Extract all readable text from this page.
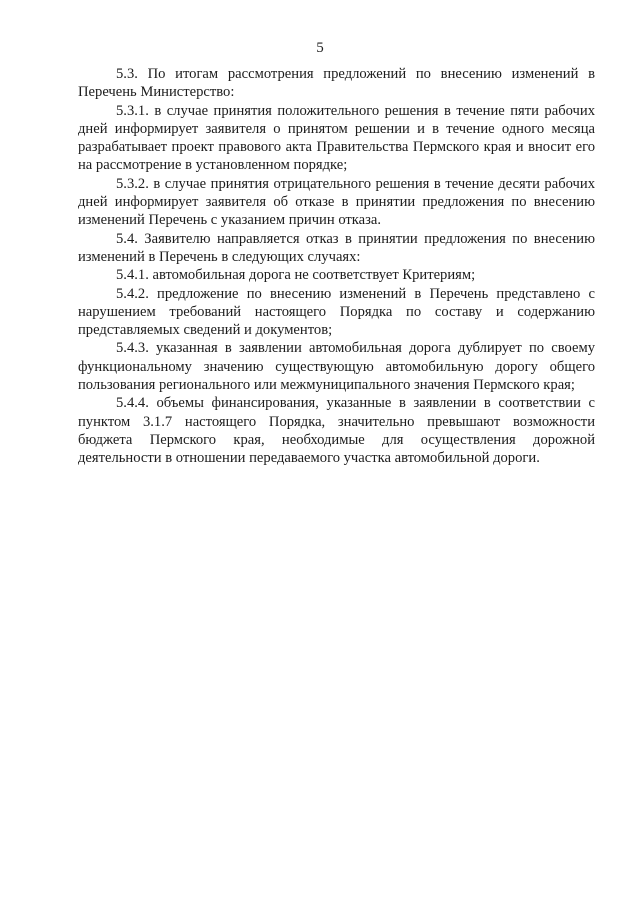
5

5.3. По итогам рассмотрения предложений по внесению изменений в Перечень Министерство:

5.3.1. в случае принятия положительного решения в течение пяти рабочих дней информирует заявителя о принятом решении и в течение одного месяца разрабатывает проект правового акта Правительства Пермского края и вносит его на рассмотрение в установленном порядке;

5.3.2. в случае принятия отрицательного решения в течение десяти рабочих дней информирует заявителя об отказе в принятии предложения по внесению изменений Перечень с указанием причин отказа.

5.4. Заявителю направляется отказ в принятии предложения по внесению изменений в Перечень в следующих случаях:

5.4.1. автомобильная дорога не соответствует Критериям;

5.4.2. предложение по внесению изменений в Перечень представлено с нарушением требований настоящего Порядка по составу и содержанию представляемых сведений и документов;

5.4.3. указанная в заявлении автомобильная дорога дублирует по своему функциональному значению существующую автомобильную дорогу общего пользования регионального или межмуниципального значения Пермского края;

5.4.4. объемы финансирования, указанные в заявлении в соответствии с пунктом 3.1.7 настоящего Порядка, значительно превышают возможности бюджета Пермского края, необходимые для осуществления дорожной деятельности в отношении передаваемого участка автомобильной дороги.
